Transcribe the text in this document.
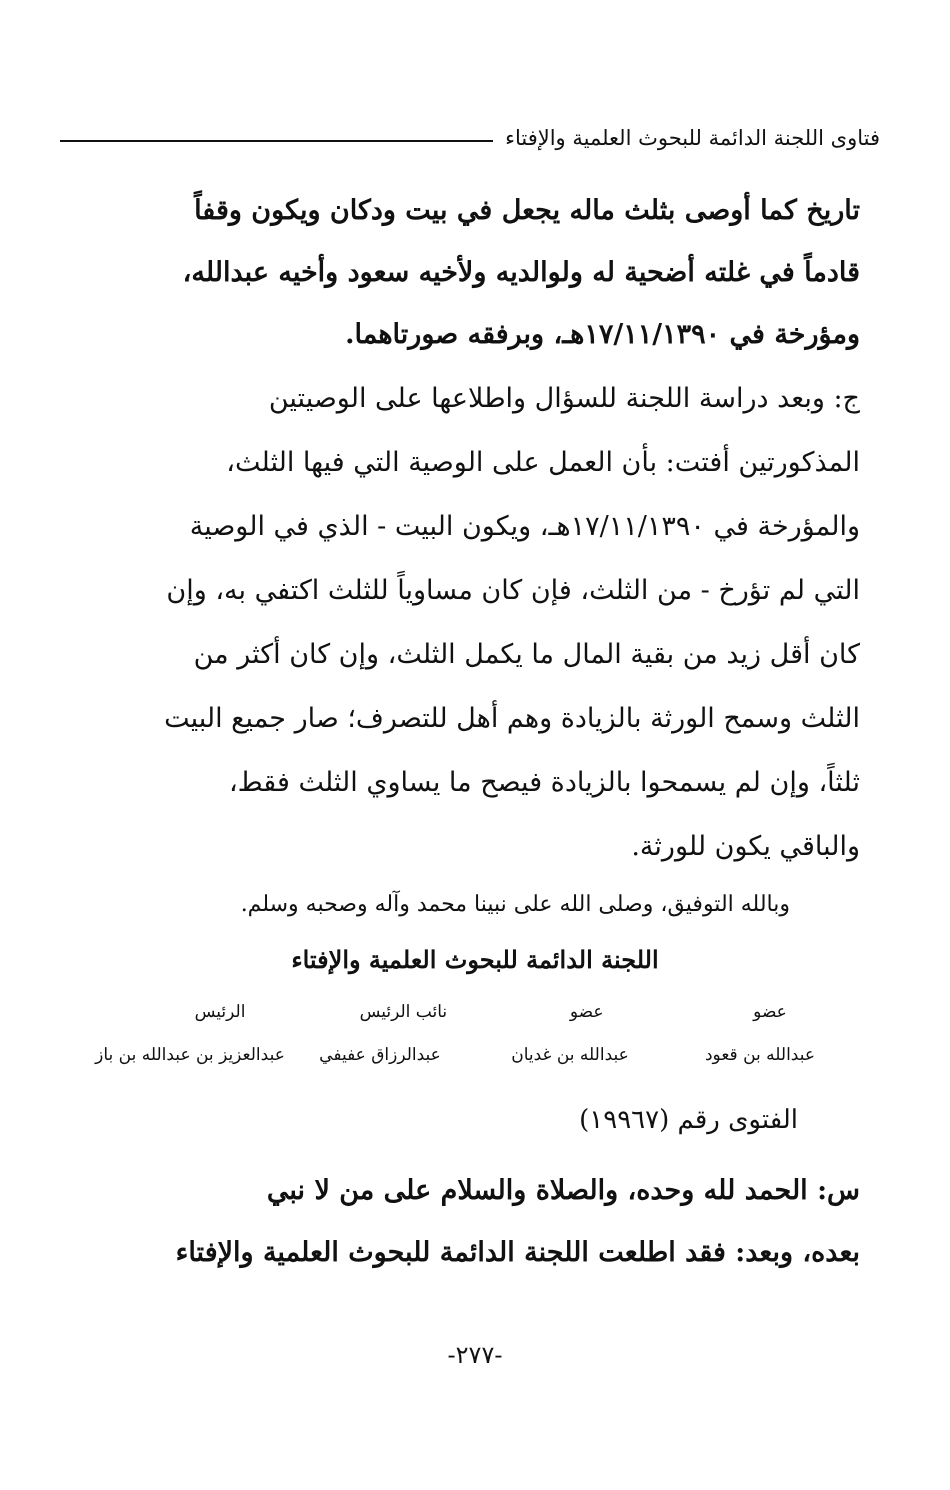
فتاوى اللجنة الدائمة للبحوث العلمية والإفتاء
تاريخ كما أوصى بثلث ماله يجعل في بيت ودكان ويكون وقفاً
قادماً في غلته أضحية له ولوالديه ولأخيه سعود وأخيه عبدالله،
ومؤرخة في ١٧/١١/١٣٩٠هـ، وبرفقه صورتاهما.
ج: وبعد دراسة اللجنة للسؤال واطلاعها على الوصيتين
المذكورتين أفتت: بأن العمل على الوصية التي فيها الثلث،
والمؤرخة في ١٧/١١/١٣٩٠هـ، ويكون البيت - الذي في الوصية
التي لم تؤرخ - من الثلث، فإن كان مساوياً للثلث اكتفي به، وإن
كان أقل زيد من بقية المال ما يكمل الثلث، وإن كان أكثر من
الثلث وسمح الورثة بالزيادة وهم أهل للتصرف؛ صار جميع البيت
ثلثاً، وإن لم يسمحوا بالزيادة فيصح ما يساوي الثلث فقط،
والباقي يكون للورثة.
وبالله التوفيق، وصلى الله على نبينا محمد وآله وصحبه وسلم.
اللجنة الدائمة للبحوث العلمية والإفتاء
عضو
عضو
نائب الرئيس
الرئيس
عبدالله بن قعود
عبدالله بن غديان
عبدالرزاق عفيفي
عبدالعزيز بن عبدالله بن باز
الفتوى رقم (١٩٩٦٧)
س: الحمد لله وحده، والصلاة والسلام على من لا نبي
بعده، وبعد: فقد اطلعت اللجنة الدائمة للبحوث العلمية والإفتاء
-٢٧٧-
